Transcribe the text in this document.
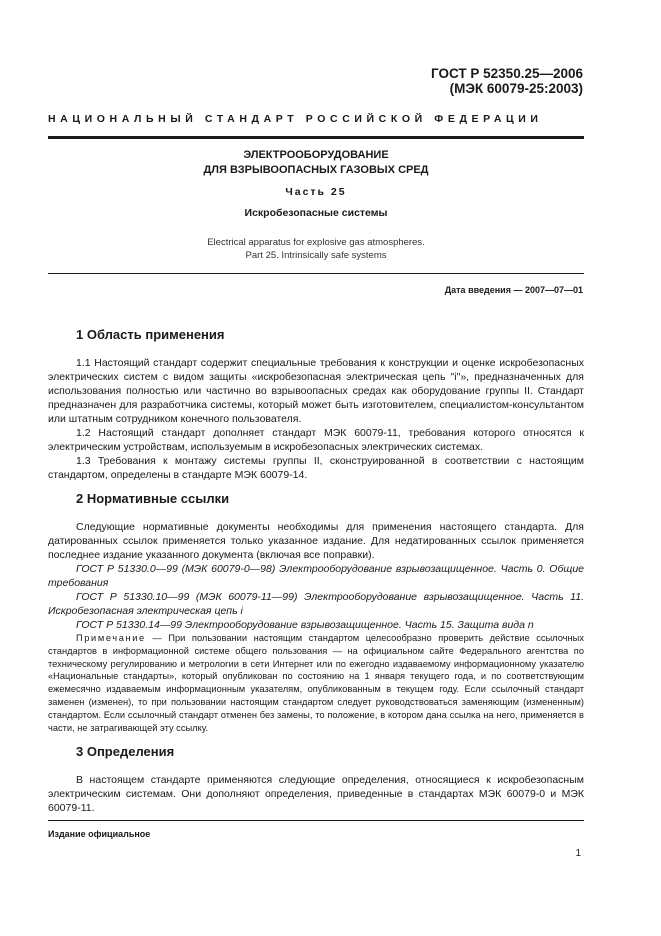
ГОСТ Р 52350.25—2006
(МЭК 60079-25:2003)
НАЦИОНАЛЬНЫЙ СТАНДАРТ РОССИЙСКОЙ ФЕДЕРАЦИИ
ЭЛЕКТРООБОРУДОВАНИЕ
ДЛЯ ВЗРЫВООПАСНЫХ ГАЗОВЫХ СРЕД
Часть 25
Искробезопасные системы
Electrical apparatus for explosive gas atmospheres.
Part 25. Intrinsically safe systems
Дата введения — 2007—07—01
1 Область применения

1.1 Настоящий стандарт содержит специальные требования к конструкции и оценке искробезопасных электрических систем с видом защиты «искробезопасная электрическая цепь "i"», предназначенных для использования полностью или частично во взрывоопасных средах как оборудование группы II. Стандарт предназначен для разработчика системы, который может быть изготовителем, специалистом-консультантом или штатным сотрудником конечного пользователя.

1.2 Настоящий стандарт дополняет стандарт МЭК 60079-11, требования которого относятся к электрическим устройствам, используемым в искробезопасных электрических системах.

1.3 Требования к монтажу системы группы II, сконструированной в соответствии с настоящим стандартом, определены в стандарте МЭК 60079-14.

2 Нормативные ссылки

Следующие нормативные документы необходимы для применения настоящего стандарта. Для датированных ссылок применяется только указанное издание. Для недатированных ссылок применяется последнее издание указанного документа (включая все поправки).

ГОСТ Р 51330.0—99 (МЭК 60079-0—98) Электрооборудование взрывозащищенное. Часть 0. Общие требования

ГОСТ Р 51330.10—99 (МЭК 60079-11—99) Электрооборудование взрывозащищенное. Часть 11. Искробезопасная электрическая цепь i

ГОСТ Р 51330.14—99 Электрооборудование взрывозащищенное. Часть 15. Защита вида n

Примечание — При пользовании настоящим стандартом целесообразно проверить действие ссылочных стандартов в информационной системе общего пользования — на официальном сайте Федерального агентства по техническому регулированию и метрологии в сети Интернет или по ежегодно издаваемому информационному указателю «Национальные стандарты», который опубликован по состоянию на 1 января текущего года, и по соответствующим ежемесячно издаваемым информационным указателям, опубликованным в текущем году. Если ссылочный стандарт заменен (изменен), то при пользовании настоящим стандартом следует руководствоваться заменяющим (измененным) стандартом. Если ссылочный стандарт отменен без замены, то положение, в котором дана ссылка на него, применяется в части, не затрагивающей эту ссылку.

3 Определения

В настоящем стандарте применяются следующие определения, относящиеся к искробезопасным электрическим системам. Они дополняют определения, приведенные в стандартах МЭК 60079-0 и МЭК 60079-11.

Издание официальное
1
